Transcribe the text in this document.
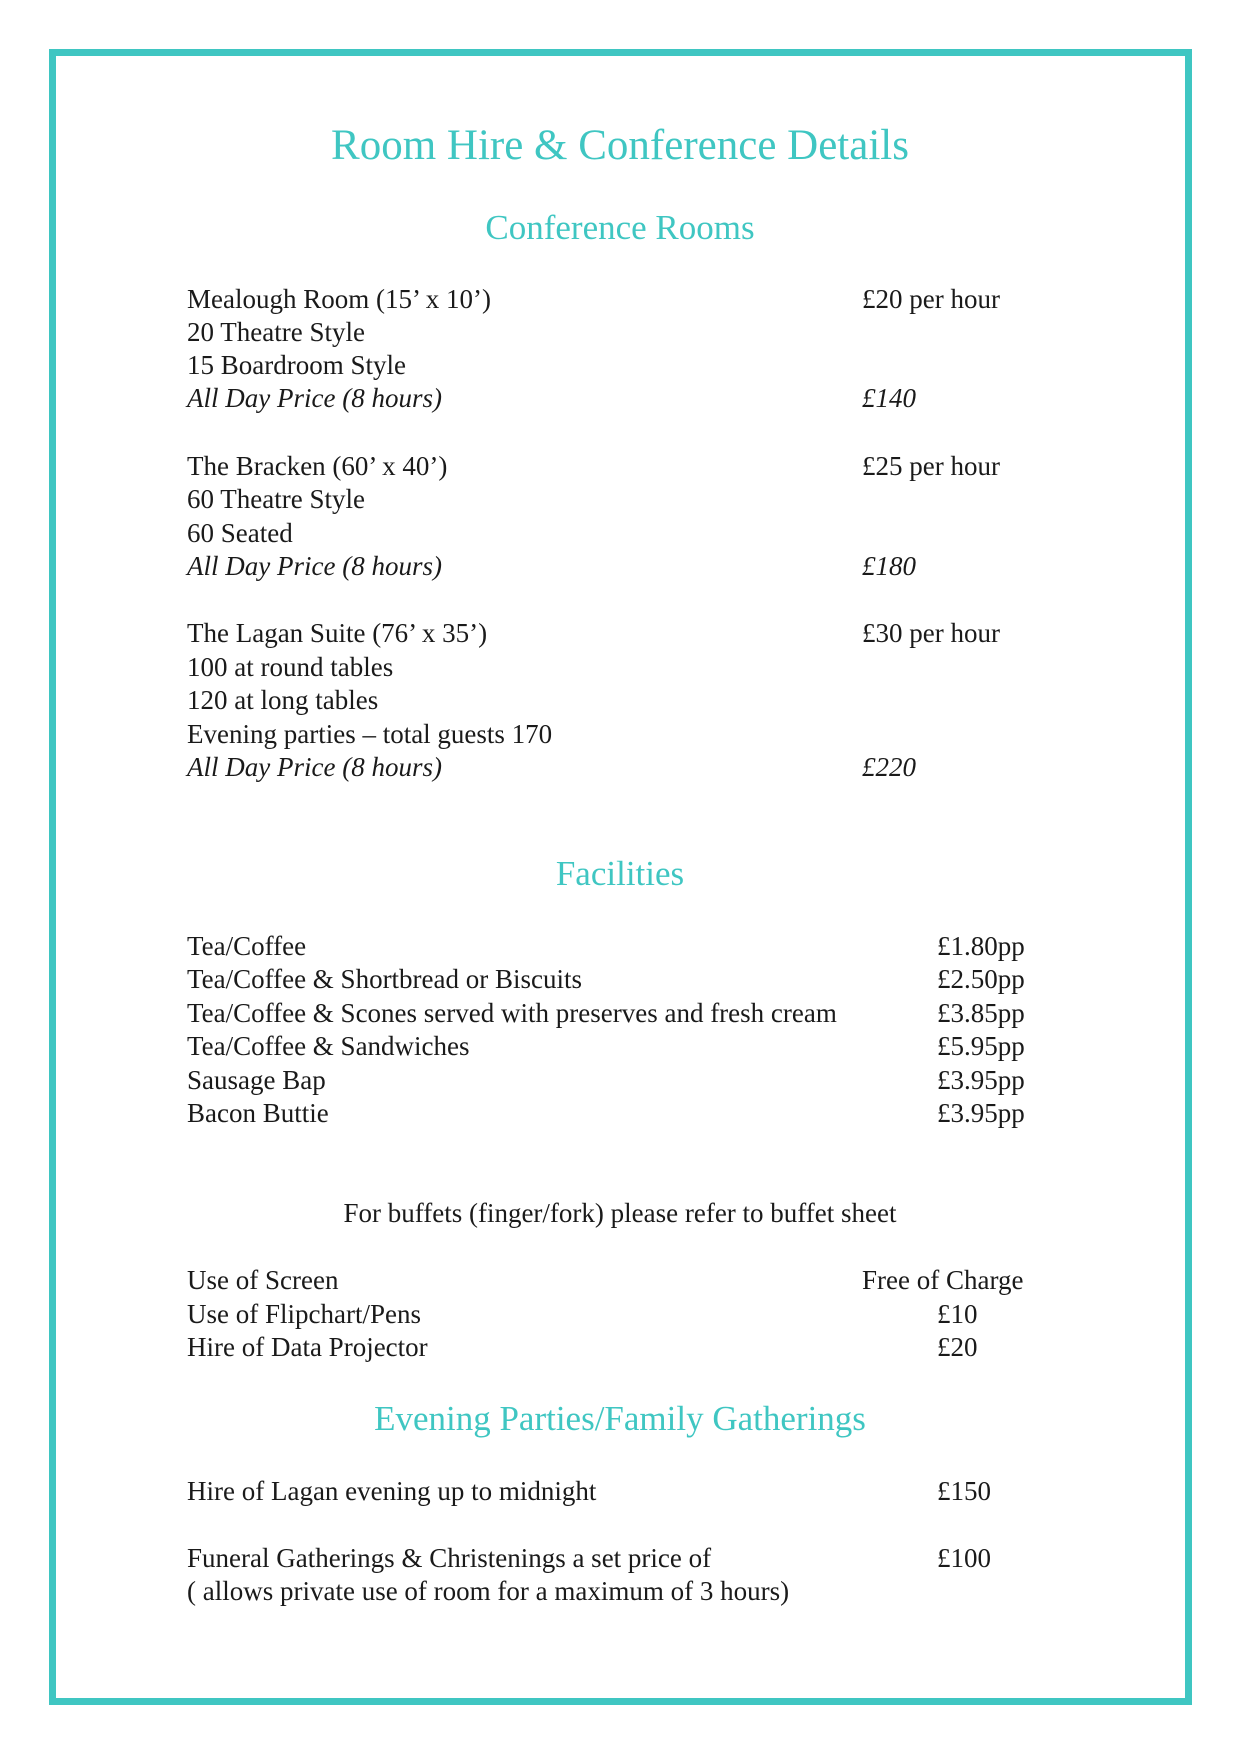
Room Hire & Conference Details
Conference Rooms
Mealough Room (15’ x 10’)	£20 per hour
20 Theatre Style
15 Boardroom Style
All Day Price (8 hours)	£140
The Bracken (60’ x 40’)	£25 per hour
60 Theatre Style
60 Seated
All Day Price (8 hours)	£180
The Lagan Suite (76’ x 35’)	£30 per hour
100 at round tables
120 at long tables
Evening parties – total guests 170
All Day Price (8 hours)	£220
Facilities
Tea/Coffee	£1.80pp
Tea/Coffee & Shortbread or Biscuits	£2.50pp
Tea/Coffee & Scones served with preserves and fresh cream	£3.85pp
Tea/Coffee & Sandwiches	£5.95pp
Sausage Bap	£3.95pp
Bacon Buttie	£3.95pp
For buffets (finger/fork) please refer to buffet sheet
Use of Screen	Free of Charge
Use of Flipchart/Pens	£10
Hire of Data Projector	£20
Evening Parties/Family Gatherings
Hire of Lagan evening up to midnight	£150
Funeral Gatherings & Christenings a set price of	£100
( allows private use of room for a maximum of 3 hours)
